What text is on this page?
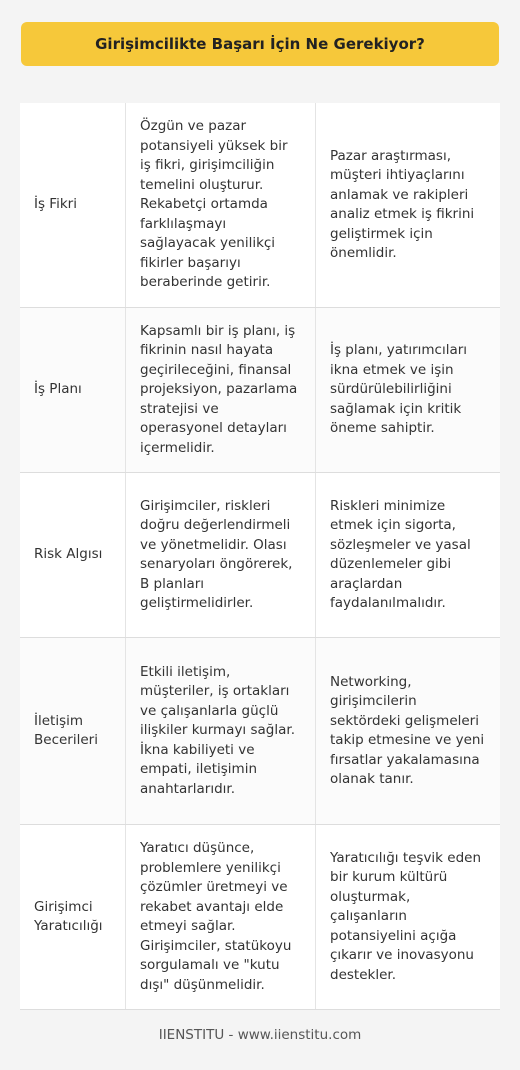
Girişimcilikte Başarı İçin Ne Gerekiyor?
İş Fikri
Özgün ve pazar potansiyeli yüksek bir iş fikri, girişimciliğin temelini oluşturur. Rekabetçi ortamda farklılaşmayı sağlayacak yenilikçi fikirler başarıyı beraberinde getirir.
Pazar araştırması, müşteri ihtiyaçlarını anlamak ve rakipleri analiz etmek iş fikrini geliştirmek için önemlidir.
İş Planı
Kapsamlı bir iş planı, iş fikrinin nasıl hayata geçirileceğini, finansal projeksiyon, pazarlama stratejisi ve operasyonel detayları içermelidir.
İş planı, yatırımcıları ikna etmek ve işin sürdürülebilirliğini sağlamak için kritik öneme sahiptir.
Risk Algısı
Girişimciler, riskleri doğru değerlendirmeli ve yönetmelidir. Olası senaryoları öngörerek, B planları geliştirmelidirler.
Riskleri minimize etmek için sigorta, sözleşmeler ve yasal düzenlemeler gibi araçlardan faydalanılmalıdır.
İletişim Becerileri
Etkili iletişim, müşteriler, iş ortakları ve çalışanlarla güçlü ilişkiler kurmayı sağlar. İkna kabiliyeti ve empati, iletişimin anahtarlarıdır.
Networking, girişimcilerin sektördeki gelişmeleri takip etmesine ve yeni fırsatlar yakalamasına olanak tanır.
Girişimci Yaratıcılığı
Yaratıcı düşünce, problemlere yenilikçi çözümler üretmeyi ve rekabet avantajı elde etmeyi sağlar. Girişimciler, statükoyu sorgulamalı ve "kutu dışı" düşünmelidir.
Yaratıcılığı teşvik eden bir kurum kültürü oluşturmak, çalışanların potansiyelini açığa çıkarır ve inovasyonu destekler.
IIENSTITU - www.iienstitu.com
